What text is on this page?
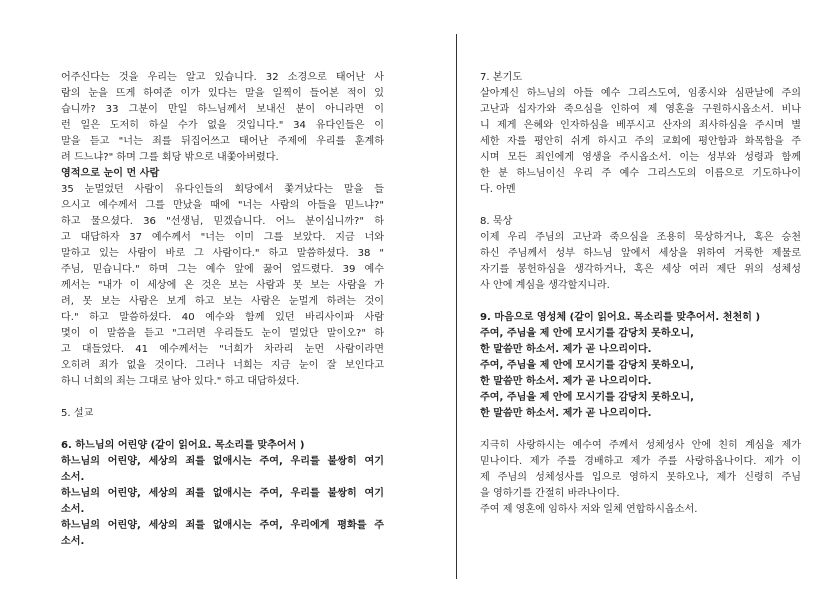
어주신다는 것을 우리는 알고 있습니다. 32 소경으로 태어난 사
람의 눈을 뜨게 하여준 이가 있다는 말을 일찍이 들어본 적이 있
습니까? 33 그분이 만일 하느님께서 보내신 분이 아니라면 이
런 일은 도저히 하실 수가 없을 것입니다." 34 유다인들은 이
말을 듣고 "너는 죄를 뒤집어쓰고 태어난 주제에 우리를 훈계하
려 드느냐?" 하며 그를 회당 밖으로 내쫓아버렸다.
영적으로 눈이 먼 사람
35 눈멀었던 사람이 유다인들의 회당에서 쫓겨났다는 말을 들
으시고 예수께서 그를 만났을 때에 "너는 사람의 아들을 믿느냐?"
하고 물으셨다. 36 "선생님, 믿겠습니다. 어느 분이십니까?" 하
고 대답하자 37 예수께서 "너는 이미 그를 보았다. 지금 너와
말하고 있는 사람이 바로 그 사람이다." 하고 말씀하셨다. 38 "
주님, 믿습니다." 하며 그는 예수 앞에 꿇어 엎드렸다. 39 예수
께서는 "내가 이 세상에 온 것은 보는 사람과 못 보는 사람을 가
려, 못 보는 사람은 보게 하고 보는 사람은 눈멀게 하려는 것이
다." 하고 말씀하셨다. 40 예수와 함께 있던 바리사이파 사람
몇이 이 말씀을 듣고 "그러면 우리들도 눈이 멀었단 말이오?" 하
고 대들었다. 41 예수께서는 "너희가 차라리 눈먼 사람이라면
오히려 죄가 없을 것이다. 그러나 너희는 지금 눈이 잘 보인다고
하니 너희의 죄는 그대로 남아 있다." 하고 대답하셨다.
5. 설교
6. 하느님의 어린양 (같이 읽어요. 목소리를 맞추어서 )
하느님의 어린양, 세상의 죄를 없애시는 주여, 우리를 불쌍히 여기
소서.
하느님의 어린양, 세상의 죄를 없애시는 주여, 우리를 불쌍히 여기
소서.
하느님의 어린양, 세상의 죄를 없애시는 주여, 우리에게 평화를 주
소서.
7. 본기도
살아계신 하느님의 아들 예수 그리스도여, 임종시와 심판날에 주의
고난과 십자가와 죽으심을 인하여 제 영혼을 구원하시옵소서. 비나
니 제게 은혜와 인자하심을 베푸시고 산자의 죄사하심을 주시며 별
세한 자를 평안히 쉬게 하시고 주의 교회에 평안함과 화목함을 주
시며 모든 죄인에게 영생을 주시옵소서. 이는 성부와 성령과 함께
한 분 하느님이신 우리 주 예수 그리스도의 이름으로 기도하나이
다. 아멘
8. 묵상
이제 우리 주님의 고난과 죽으심을 조용히 묵상하거나, 혹은 승천
하신 주님께서 성부 하느님 앞에서 세상을 위하여 거룩한 제물로
자기를 봉헌하심을 생각하거나, 혹은 세상 여러 제단 위의 성체성
사 안에 계심을 생각할지니라.
9. 마음으로 영성체 (같이 읽어요. 목소리를 맞추어서. 천천히 )
주여, 주님을 제 안에 모시기를 감당치 못하오니,
한 말씀만 하소서. 제가 곧 나으리이다.
주여, 주님을 제 안에 모시기를 감당치 못하오니,
한 말씀만 하소서. 제가 곧 나으리이다.
주여, 주님을 제 안에 모시기를 감당치 못하오니,
한 말씀만 하소서. 제가 곧 나으리이다.
지극히 사랑하시는 예수여 주께서 성체성사 안에 친히 계심을 제가
믿나이다. 제가 주를 경배하고 제가 주를 사랑하옵나이다. 제가 이
제 주님의 성체성사를 입으로 영하지 못하오나, 제가 신령히 주님
을 영하기를 간절히 바라나이다.
주여 제 영혼에 임하사 저와 일체 연합하시옵소서.
